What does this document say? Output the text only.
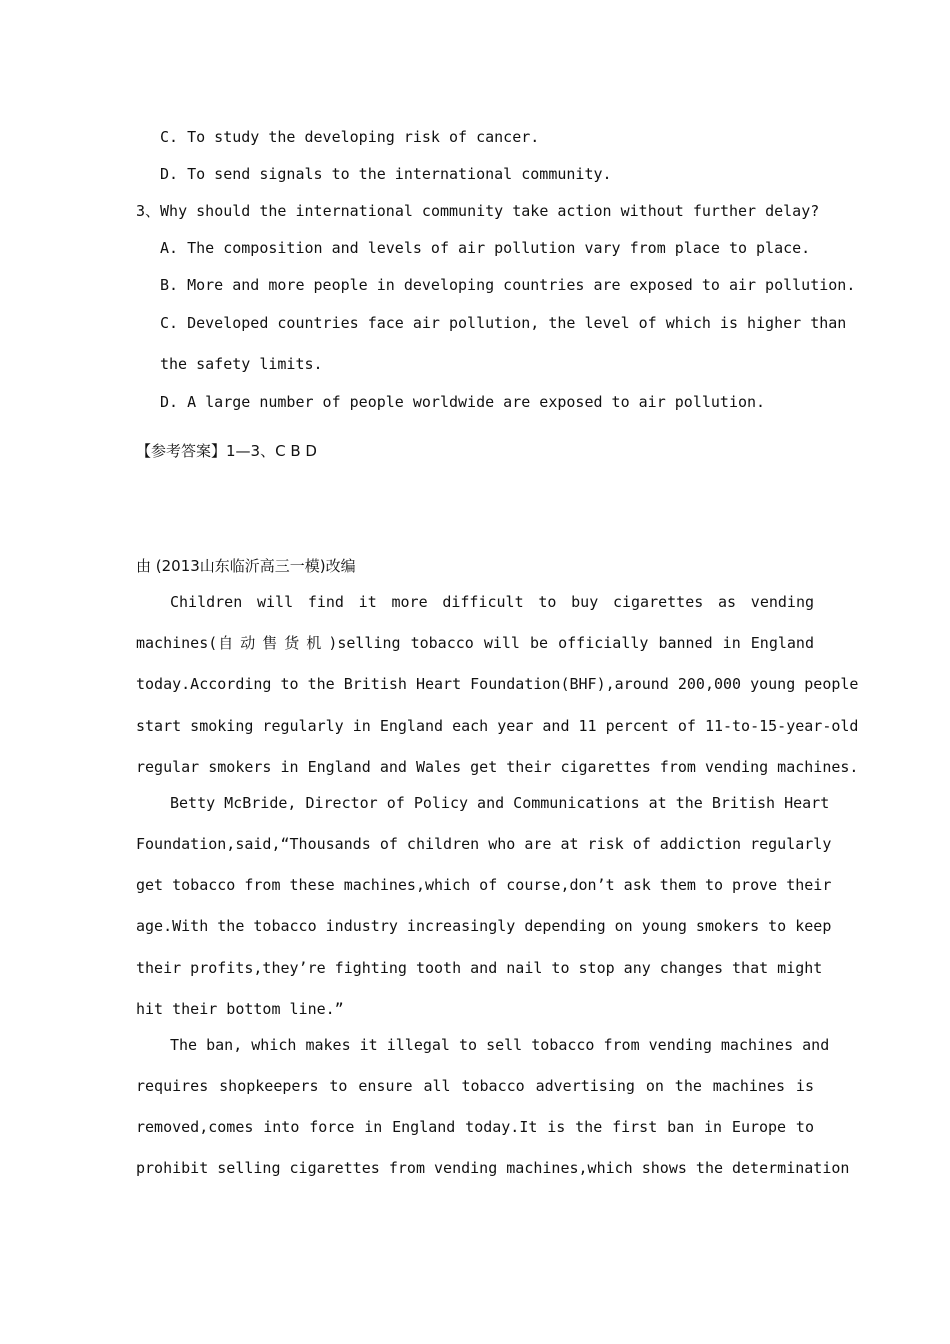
C. To study the developing risk of cancer.

D. To send signals to the international community.

3、Why should the international community take action without further delay?

A. The composition and levels of air pollution vary from place to place.

B. More and more people in developing countries are exposed to air pollution.

C. Developed countries face air pollution, the level of which is higher than

the safety limits.

D. A large number of people worldwide are exposed to air pollution.

【参考答案】1—3、C B D

由 (2013山东临沂高三一模)改编

Children will find it more difficult to buy cigarettes as vending
machines(自动售货机)selling tobacco will be officially banned in England
today.According to the British Heart Foundation(BHF),around 200,000 young people
start smoking regularly in England each year and 11 percent of 11-to-15-year-old
regular smokers in England and Wales get their cigarettes from vending machines.
Betty McBride, Director of Policy and Communications at the British Heart
Foundation,said,“Thousands of children who are at risk of addiction regularly
get tobacco from these machines,which of course,don’t ask them to prove their
age.With the tobacco industry increasingly depending on young smokers to keep
their profits,they’re fighting tooth and nail to stop any changes that might

hit their bottom line.”

The ban, which makes it illegal to sell tobacco from vending machines and
requires shopkeepers to ensure all tobacco advertising on the machines is
removed,comes into force in England today.It is the first ban in Europe to
prohibit selling cigarettes from vending machines,which shows the determination
